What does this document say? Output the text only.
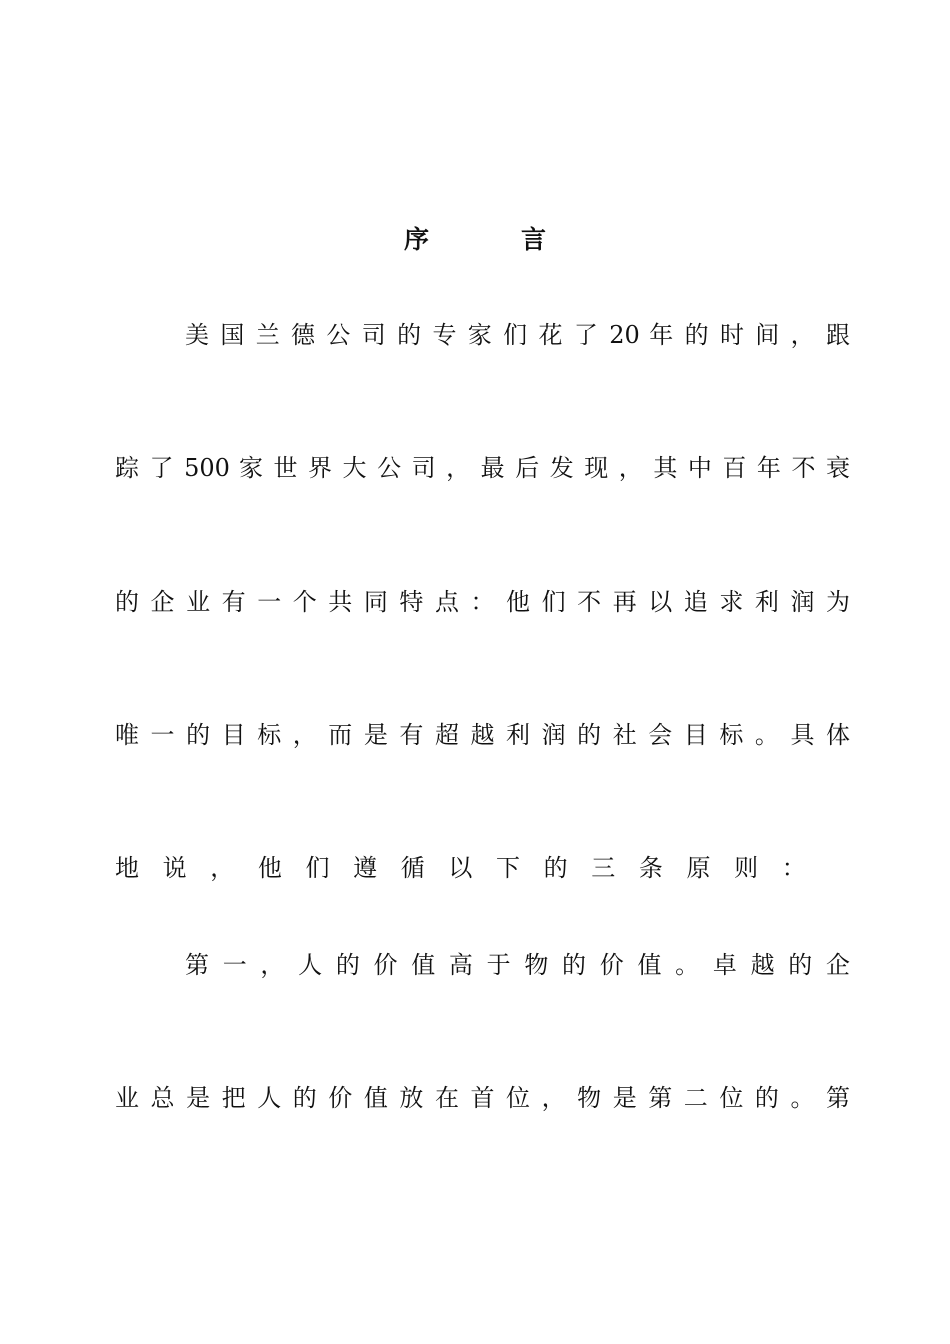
序	言
美 国 兰 德 公 司 的 专 家 们 花 了 20 年 的 时 间 ， 跟
踪 了 500 家 世 界 大 公 司 ， 最 后 发 现 ， 其 中 百 年 不 衰
的 企 业 有 一 个 共 同 特 点 ： 他 们 不 再 以 追 求 利 润 为
唯 一 的 目 标 ， 而 是 有 超 越 利 润 的 社 会 目 标 。 具 体
地 说 ， 他 们 遵 循 以 下 的 三 条 原 则 ：
第 一 ， 人 的 价 值 高 于 物 的 价 值 。 卓 越 的 企
业 总 是 把 人 的 价 值 放 在 首 位 ， 物 是 第 二 位 的 。 第
